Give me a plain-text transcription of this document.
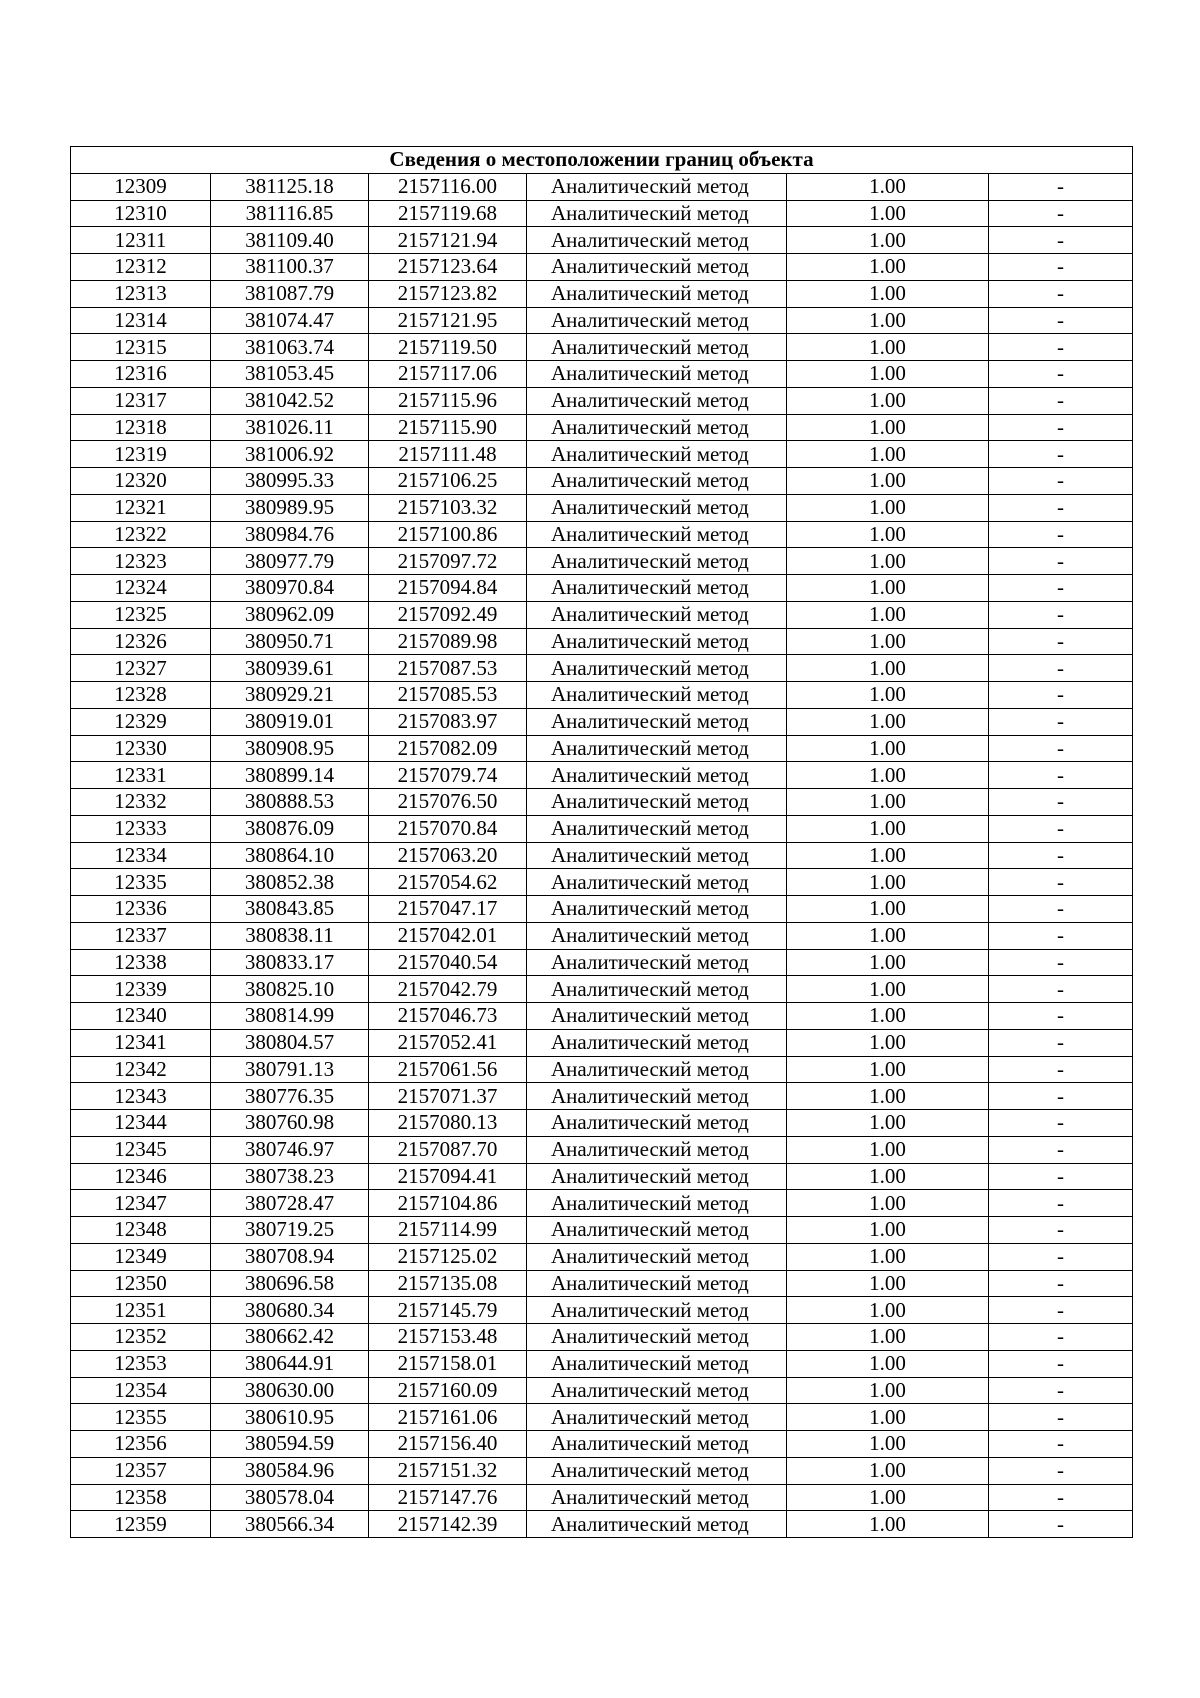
Сведения о местоположении границ объекта					
12309	381125.18	2157116.00	Аналитический метод	1.00	-
12310	381116.85	2157119.68	Аналитический метод	1.00	-
12311	381109.40	2157121.94	Аналитический метод	1.00	-
12312	381100.37	2157123.64	Аналитический метод	1.00	-
12313	381087.79	2157123.82	Аналитический метод	1.00	-
12314	381074.47	2157121.95	Аналитический метод	1.00	-
12315	381063.74	2157119.50	Аналитический метод	1.00	-
12316	381053.45	2157117.06	Аналитический метод	1.00	-
12317	381042.52	2157115.96	Аналитический метод	1.00	-
12318	381026.11	2157115.90	Аналитический метод	1.00	-
12319	381006.92	2157111.48	Аналитический метод	1.00	-
12320	380995.33	2157106.25	Аналитический метод	1.00	-
12321	380989.95	2157103.32	Аналитический метод	1.00	-
12322	380984.76	2157100.86	Аналитический метод	1.00	-
12323	380977.79	2157097.72	Аналитический метод	1.00	-
12324	380970.84	2157094.84	Аналитический метод	1.00	-
12325	380962.09	2157092.49	Аналитический метод	1.00	-
12326	380950.71	2157089.98	Аналитический метод	1.00	-
12327	380939.61	2157087.53	Аналитический метод	1.00	-
12328	380929.21	2157085.53	Аналитический метод	1.00	-
12329	380919.01	2157083.97	Аналитический метод	1.00	-
12330	380908.95	2157082.09	Аналитический метод	1.00	-
12331	380899.14	2157079.74	Аналитический метод	1.00	-
12332	380888.53	2157076.50	Аналитический метод	1.00	-
12333	380876.09	2157070.84	Аналитический метод	1.00	-
12334	380864.10	2157063.20	Аналитический метод	1.00	-
12335	380852.38	2157054.62	Аналитический метод	1.00	-
12336	380843.85	2157047.17	Аналитический метод	1.00	-
12337	380838.11	2157042.01	Аналитический метод	1.00	-
12338	380833.17	2157040.54	Аналитический метод	1.00	-
12339	380825.10	2157042.79	Аналитический метод	1.00	-
12340	380814.99	2157046.73	Аналитический метод	1.00	-
12341	380804.57	2157052.41	Аналитический метод	1.00	-
12342	380791.13	2157061.56	Аналитический метод	1.00	-
12343	380776.35	2157071.37	Аналитический метод	1.00	-
12344	380760.98	2157080.13	Аналитический метод	1.00	-
12345	380746.97	2157087.70	Аналитический метод	1.00	-
12346	380738.23	2157094.41	Аналитический метод	1.00	-
12347	380728.47	2157104.86	Аналитический метод	1.00	-
12348	380719.25	2157114.99	Аналитический метод	1.00	-
12349	380708.94	2157125.02	Аналитический метод	1.00	-
12350	380696.58	2157135.08	Аналитический метод	1.00	-
12351	380680.34	2157145.79	Аналитический метод	1.00	-
12352	380662.42	2157153.48	Аналитический метод	1.00	-
12353	380644.91	2157158.01	Аналитический метод	1.00	-
12354	380630.00	2157160.09	Аналитический метод	1.00	-
12355	380610.95	2157161.06	Аналитический метод	1.00	-
12356	380594.59	2157156.40	Аналитический метод	1.00	-
12357	380584.96	2157151.32	Аналитический метод	1.00	-
12358	380578.04	2157147.76	Аналитический метод	1.00	-
12359	380566.34	2157142.39	Аналитический метод	1.00	-
